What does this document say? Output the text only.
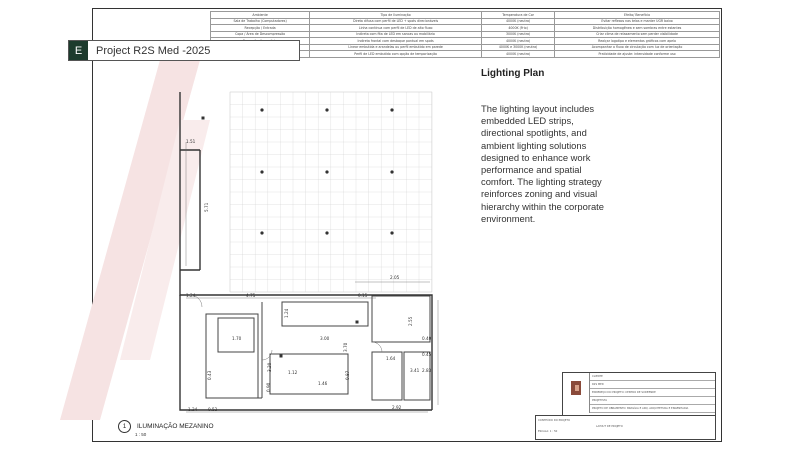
Ambiente	Tipo de Iluminação	Temperatura de Cor	Efeito/ Benefício
Sala de Trabalho (Computadores)	Direta difusa com perfil de LED + spots direcionáveis	4000K (neutra)	Evitar reflexos nas telas e manter UGR baixo
Recepção / Entrada	Linha contínua com perfil de LED de alto fluxo	4000K (Frio)	Distribuição homogênea e sem sombras entre estantes
Copa / Área de Descompressão	Indireta com fita de LED em sancas ou mobiliário	3000K (neutra)	Criar clima de relaxamento sem perder visibilidade
	Indireta frontal com destaque pontual em spots	4000K (neutra)	Realçar logotipo e elementos gráficos com apelo
	Linear embutida e arandelas ou perfil embutido em parede	4000K e 3000K (neutra)	Acompanhar o fluxo de circulação com luz de orientação
	Perfil de LED embutido com opção de temporização	4000K (neutra)	Praticidade de ajuste: intensidade conforme uso
E	Project R2S Med -2025
1.51
5.71
2.05
1.24	4.75	0.15
1.24
2.55
1.70	3.00	0.40
3.70
1.64
0.45
3.41
3.20
1.12
1.46
0.87
0.90
0.43
2.83
1.24	0.52	2.92
Lighting Plan
The lighting layout includes embedded LED strips, directional spotlights, and ambient lighting solutions designed to enhance work performance and spatial comfort. The lighting strategy reinforces zoning and visual hierarchy within the corporate environment.
CLIENTE
R2S MED
ENDEREÇO DO PROJETO: CENTRO DE SUDEENDE
PROJETISTA
PROJETO DE OBRAMENTO: BRASÍLIA E ARQ. ARQUITETURA E ENGENHARIA
CONTEÚDO DO PROJETO
LAYOUT DE PROJETO
ESCALA: 1 : 50
1	ILUMINAÇÃO MEZANINO
1 : 50
